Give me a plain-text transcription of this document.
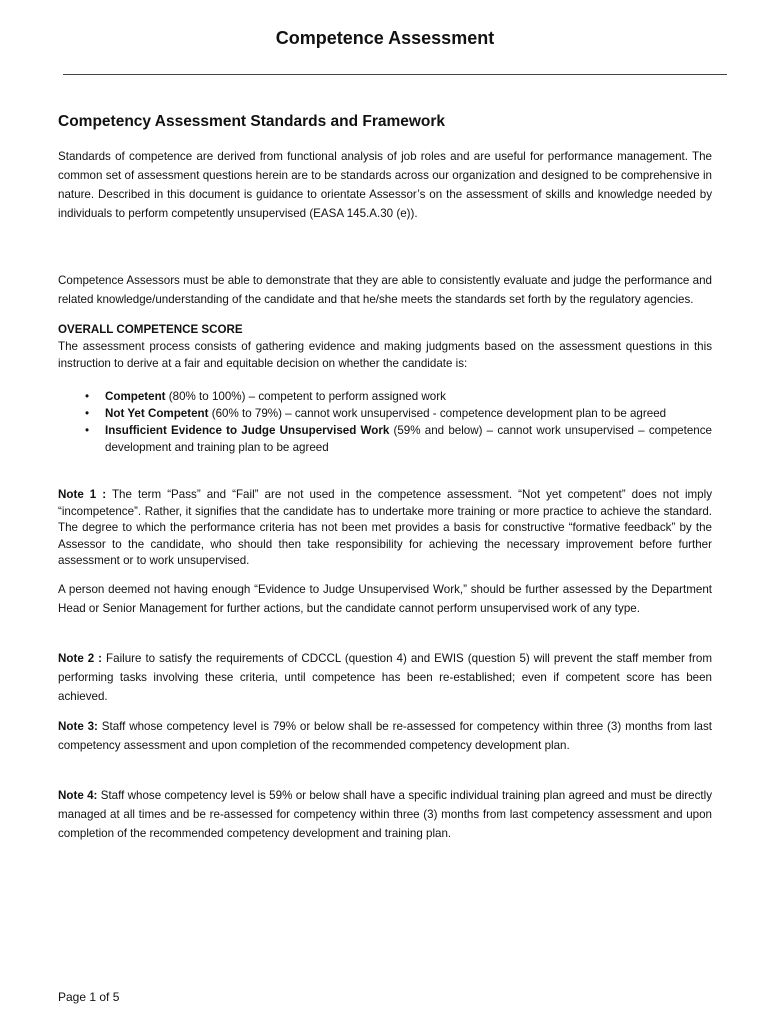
Competence Assessment
Competency Assessment Standards and Framework

Standards of competence are derived from functional analysis of job roles and are useful for performance management. The common set of assessment questions herein are to be standards across our organization and designed to be comprehensive in nature. Described in this document is guidance to orientate Assessor’s on the assessment of skills and knowledge needed by individuals to perform competently unsupervised (EASA 145.A.30 (e)).

Competence Assessors must be able to demonstrate that they are able to consistently evaluate and judge the performance and related knowledge/understanding of the candidate and that he/she meets the standards set forth by the regulatory agencies.

OVERALL COMPETENCE SCORE
The assessment process consists of gathering evidence and making judgments based on the assessment questions in this instruction to derive at a fair and equitable decision on whether the candidate is:
• Competent (80% to 100%) – competent to perform assigned work
• Not Yet Competent (60% to 79%) – cannot work unsupervised - competence development plan to be agreed
• Insufficient Evidence to Judge Unsupervised Work (59% and below) – cannot work unsupervised – competence development and training plan to be agreed

Note 1 : The term “Pass” and “Fail” are not used in the competence assessment. “Not yet competent” does not imply “incompetence”. Rather, it signifies that the candidate has to undertake more training or more practice to achieve the standard. The degree to which the performance criteria has not been met provides a basis for constructive “formative feedback” by the Assessor to the candidate, who should then take responsibility for achieving the necessary improvement before further assessment or to work unsupervised.

A person deemed not having enough “Evidence to Judge Unsupervised Work,” should be further assessed by the Department Head or Senior Management for further actions, but the candidate cannot perform unsupervised work of any type.

Note 2 : Failure to satisfy the requirements of CDCCL (question 4) and EWIS (question 5) will prevent the staff member from performing tasks involving these criteria, until competence has been re-established; even if competent score has been achieved.

Note 3: Staff whose competency level is 79% or below shall be re-assessed for competency within three (3) months from last competency assessment and upon completion of the recommended competency development plan.

Note 4: Staff whose competency level is 59% or below shall have a specific individual training plan agreed and must be directly managed at all times and be re-assessed for competency within three (3) months from last competency assessment and upon completion of the recommended competency development and training plan.

Page 1 of 5
